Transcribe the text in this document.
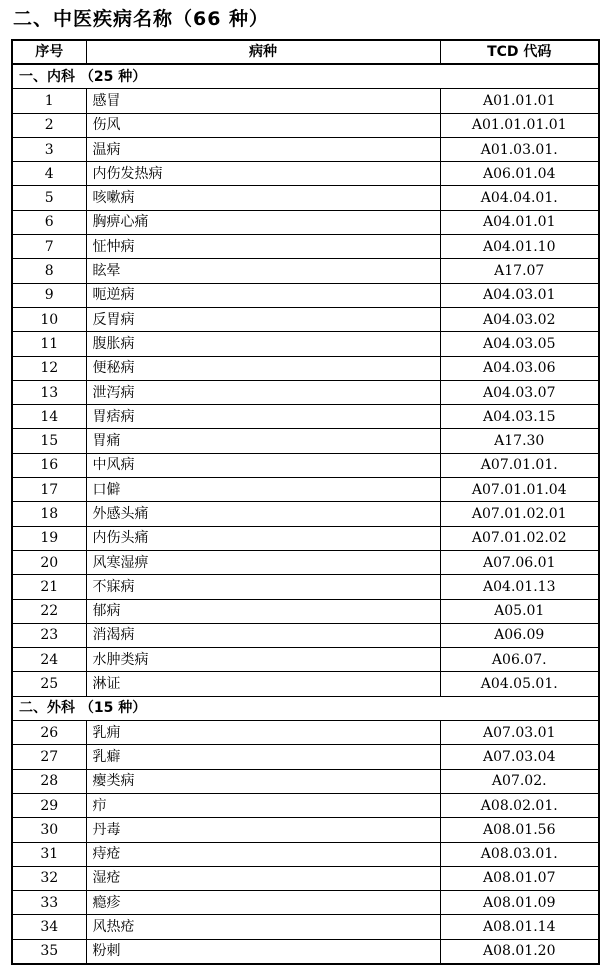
二、中医疾病名称（66 种）
序号	病种	TCD 代码
一、内科 （25 种）		
1	感冒	A01.01.01
2	伤风	A01.01.01.01
3	温病	A01.03.01.
4	内伤发热病	A06.01.04
5	咳嗽病	A04.04.01.
6	胸痹心痛	A04.01.01
7	怔忡病	A04.01.10
8	眩晕	A17.07
9	呃逆病	A04.03.01
10	反胃病	A04.03.02
11	腹胀病	A04.03.05
12	便秘病	A04.03.06
13	泄泻病	A04.03.07
14	胃痞病	A04.03.15
15	胃痛	A17.30
16	中风病	A07.01.01.
17	口僻	A07.01.01.04
18	外感头痛	A07.01.02.01
19	内伤头痛	A07.01.02.02
20	风寒湿痹	A07.06.01
21	不寐病	A04.01.13
22	郁病	A05.01
23	消渴病	A06.09
24	水肿类病	A06.07.
25	淋证	A04.05.01.
二、外科 （15 种）		
26	乳痈	A07.03.01
27	乳癖	A07.03.04
28	瘿类病	A07.02.
29	疖	A08.02.01.
30	丹毒	A08.01.56
31	痔疮	A08.03.01.
32	湿疮	A08.01.07
33	瘾疹	A08.01.09
34	风热疮	A08.01.14
35	粉刺	A08.01.20
